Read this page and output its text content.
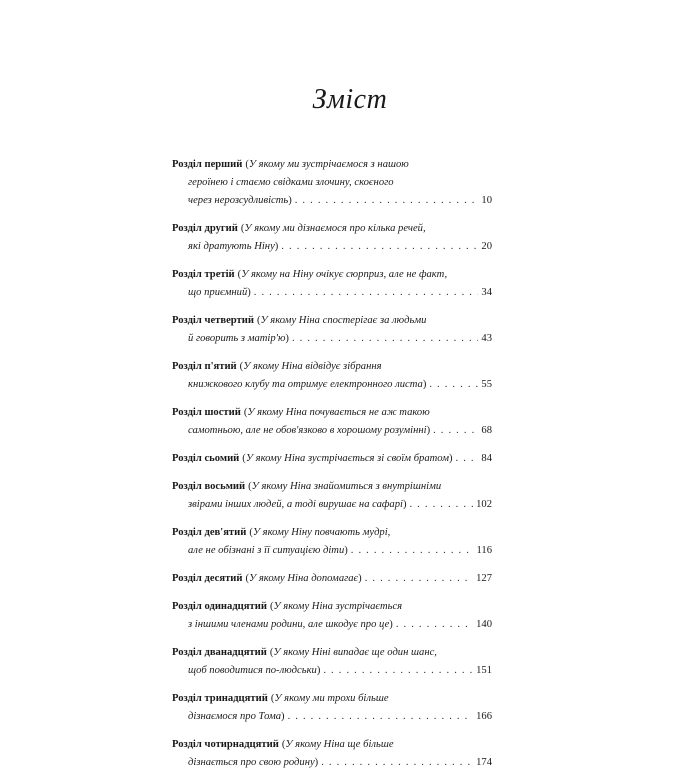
Зміст
Розділ перший (У якому ми зустрічаємося з нашою
героїнею і стаємо свідками злочину, скоєного
через нерозсудливість) . . .	10
Розділ другий (У якому ми дізнаємося про кілька речей,
які дратують Ніну) . . .	20
Розділ третій (У якому на Ніну очікує сюрприз, але не факт,
що приємний) . . .	34
Розділ четвертий (У якому Ніна спостерігає за людьми
й говорить з матір'ю) . . .	43
Розділ п'ятий (У якому Ніна відвідує зібрання
книжкового клубу та отримує електронного листа) . . .	55
Розділ шостий (У якому Ніна почувається не аж такою
самотньою, але не обов'язково в хорошому розумінні) . . .	68
Розділ сьомий (У якому Ніна зустрічається зі своїм братом) . . .	84
Розділ восьмий (У якому Ніна знайомиться з внутрішніми
звірами інших людей, а тоді вирушає на сафарі) . . .	102
Розділ дев'ятий (У якому Ніну повчають мудрі,
але не обізнані з її ситуацією діти) . . .	116
Розділ десятий (У якому Ніна допомагає) . . .	127
Розділ одинадцятий (У якому Ніна зустрічається
з іншими членами родини, але шкодує про це) . . .	140
Розділ дванадцятий (У якому Ніні випадає ще один шанс,
щоб поводитися по-людськи) . . .	151
Розділ тринадцятий (У якому ми трохи більше
дізнаємося про Тома) . . .	166
Розділ чотирнадцятий (У якому Ніна ще більше
дізнається про свою родину) . . .	174
